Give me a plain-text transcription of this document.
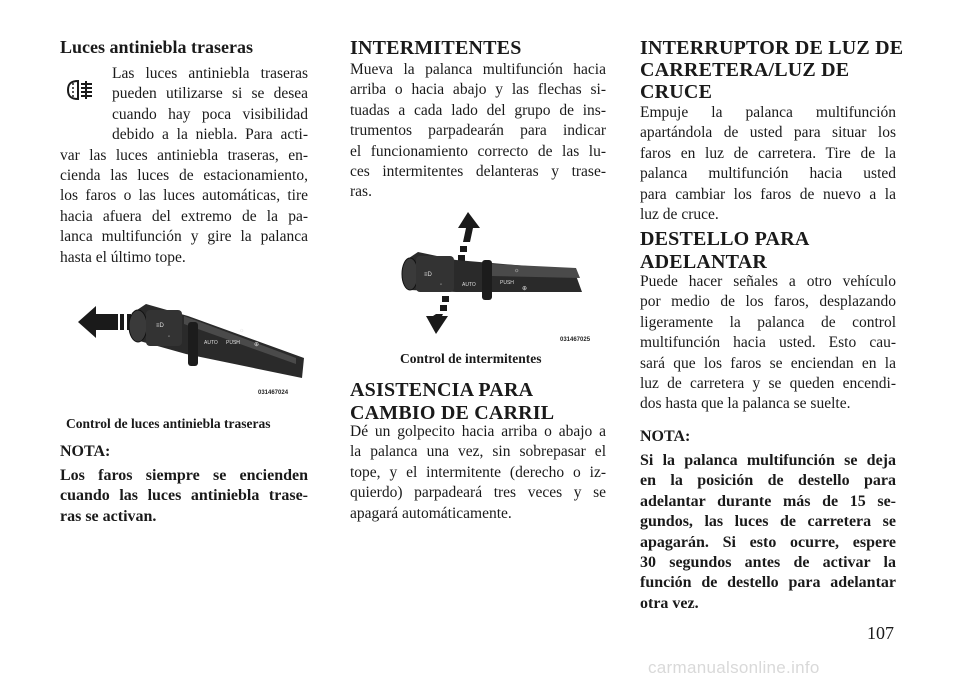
Luces antiniebla traseras
Las luces antiniebla traseras
pueden utilizarse si se desea
cuando hay poca visibilidad
debido a la niebla. Para acti-
var las luces antiniebla traseras, en-
cienda las luces de estacionamiento,
los faros o las luces automáticas, tire
hacia afuera del extremo de la pa-
lanca multifunción y gire la palanca
hasta el último tope.
≡D
◦
AUTO PUSH ⊕
☼
031467024
Control de luces antiniebla traseras
NOTA:
Los faros siempre se encienden
cuando las luces antiniebla trase-
ras se activan.
INTERMITENTES
Mueva la palanca multifunción hacia
arriba o hacia abajo y las flechas si-
tuadas a cada lado del grupo de ins-
trumentos parpadearán para indicar
el funcionamiento correcto de las lu-
ces intermitentes delanteras y trase-
ras.
≡D
◦	AUTO	PUSH
☼
⊕
031467025
Control de intermitentes
ASISTENCIA PARA
CAMBIO DE CARRIL
Dé un golpecito hacia arriba o abajo a
la palanca una vez, sin sobrepasar el
tope, y el intermitente (derecho o iz-
quierdo) parpadeará tres veces y se
apagará automáticamente.
INTERRUPTOR DE LUZ DE
CARRETERA/LUZ DE
CRUCE
Empuje la palanca multifunción
apartándola de usted para situar los
faros en luz de carretera. Tire de la
palanca multifunción hacia usted
para cambiar los faros de nuevo a la
luz de cruce.
DESTELLO PARA
ADELANTAR
Puede hacer señales a otro vehículo
por medio de los faros, desplazando
ligeramente la palanca de control
multifunción hacia usted. Esto cau-
sará que los faros se enciendan en la
luz de carretera y se queden encendi-
dos hasta que la palanca se suelte.
NOTA:
Si la palanca multifunción se deja
en la posición de destello para
adelantar durante más de 15 se-
gundos, las luces de carretera se
apagarán. Si esto ocurre, espere
30 segundos antes de activar la
función de destello para adelantar
otra vez.
107
carmanualsonline.info
